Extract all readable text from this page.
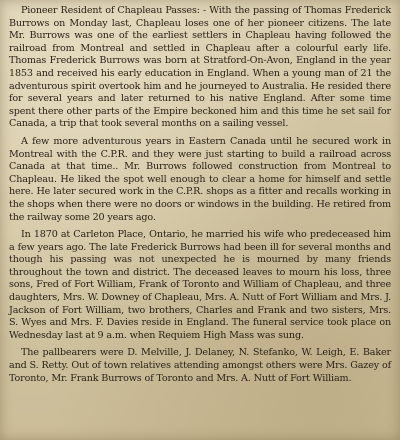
Pioneer Resident of Chapleau Passes: - With the passing of Thomas Frederick Burrows on Monday last, Chapleau loses one of her pioneer citizens. The late Mr. Burrows was one of the earliest settlers in Chapleau having followed the railroad from Montreal and settled in Chapleau after a colourful early life. Thomas Frederick Burrows was born at Stratford-On-Avon, England in the year 1853 and received his early education in England. When a young man of 21 the adventurous spirit overtook him and he journeyed to Australia. He resided there for several years and later returned to his native England. After some time spent there other parts of the Empire beckoned him and this time he set sail for Canada, a trip that took several months on a sailing vessel.

A few more adventurous years in Eastern Canada until he secured work in Montreal with the C.P.R. and they were just starting to build a railroad across Canada at that time.. Mr. Burrows followed construction from Montreal to Chapleau. He liked the spot well enough to clear a home for himself and settle here. He later secured work in the C.P.R. shops as a fitter and recalls working in the shops when there were no doors or windows in the building. He retired from the railway some 20 years ago.

In 1870 at Carleton Place, Ontario, he married his wife who predeceased him a few years ago. The late Frederick Burrows had been ill for several months and though his passing was not unexpected he is mourned by many friends throughout the town and district. The deceased leaves to mourn his loss, three sons, Fred of Fort William, Frank of Toronto and William of Chapleau, and three daughters, Mrs. W. Downey of Chapleau, Mrs. A. Nutt of Fort William and Mrs. J. Jackson of Fort William, two brothers, Charles and Frank and two sisters, Mrs. S. Wyes and Mrs. F. Davies reside in England. The funeral service took place on Wednesday last at 9 a.m. when Requiem High Mass was sung.

The pallbearers were D. Melville, J. Delaney, N. Stefanko, W. Leigh, E. Baker and S. Retty. Out of town relatives attending amongst others were Mrs. Gazey of Toronto, Mr. Frank Burrows of Toronto and Mrs. A. Nutt of Fort William.
